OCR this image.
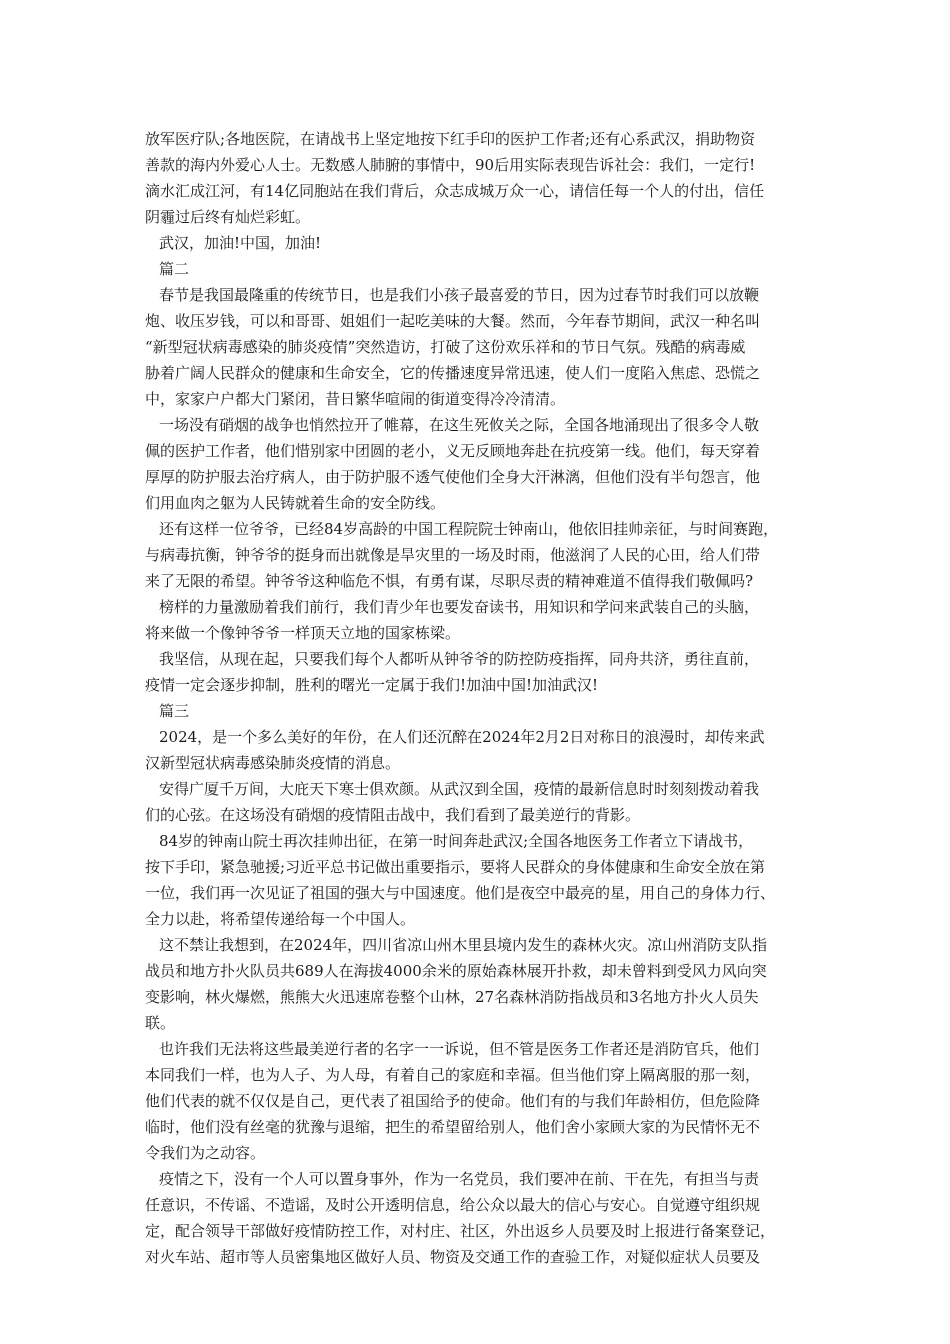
放军医疗队;各地医院，在请战书上坚定地按下红手印的医护工作者;还有心系武汉，捐助物资
善款的海内外爱心人士。无数感人肺腑的事情中，90后用实际表现告诉社会：我们，一定行!
滴水汇成江河，有14亿同胞站在我们背后，众志成城万众一心，请信任每一个人的付出，信任
阴霾过后终有灿烂彩虹。
武汉，加油!中国，加油!
篇二
春节是我国最隆重的传统节日，也是我们小孩子最喜爱的节日，因为过春节时我们可以放鞭
炮、收压岁钱，可以和哥哥、姐姐们一起吃美味的大餐。然而，今年春节期间，武汉一种名叫
“新型冠状病毒感染的肺炎疫情”突然造访，打破了这份欢乐祥和的节日气氛。残酷的病毒威
胁着广阔人民群众的健康和生命安全，它的传播速度异常迅速，使人们一度陷入焦虑、恐慌之
中，家家户户都大门紧闭，昔日繁华喧闹的街道变得冷冷清清。
一场没有硝烟的战争也悄然拉开了帷幕，在这生死攸关之际，全国各地涌现出了很多令人敬
佩的医护工作者，他们惜别家中团圆的老小，义无反顾地奔赴在抗疫第一线。他们，每天穿着
厚厚的防护服去治疗病人，由于防护服不透气使他们全身大汗淋漓，但他们没有半句怨言，他
们用血肉之躯为人民铸就着生命的安全防线。
还有这样一位爷爷，已经84岁高龄的中国工程院院士钟南山，他依旧挂帅亲征，与时间赛跑，
与病毒抗衡，钟爷爷的挺身而出就像是旱灾里的一场及时雨，他滋润了人民的心田，给人们带
来了无限的希望。钟爷爷这种临危不惧，有勇有谋，尽职尽责的精神难道不值得我们敬佩吗?
榜样的力量激励着我们前行，我们青少年也要发奋读书，用知识和学问来武装自己的头脑，
将来做一个像钟爷爷一样顶天立地的国家栋梁。
我坚信，从现在起，只要我们每个人都听从钟爷爷的防控防疫指挥，同舟共济，勇往直前，
疫情一定会逐步抑制，胜利的曙光一定属于我们!加油中国!加油武汉!
篇三
2024，是一个多么美好的年份，在人们还沉醉在2024年2月2日对称日的浪漫时，却传来武
汉新型冠状病毒感染肺炎疫情的消息。
安得广厦千万间，大庇天下寒士俱欢颜。从武汉到全国，疫情的最新信息时时刻刻拨动着我
们的心弦。在这场没有硝烟的疫情阻击战中，我们看到了最美逆行的背影。
84岁的钟南山院士再次挂帅出征，在第一时间奔赴武汉;全国各地医务工作者立下请战书，
按下手印，紧急驰援;习近平总书记做出重要指示，要将人民群众的身体健康和生命安全放在第
一位，我们再一次见证了祖国的强大与中国速度。他们是夜空中最亮的星，用自己的身体力行、
全力以赴，将希望传递给每一个中国人。
这不禁让我想到，在2024年，四川省凉山州木里县境内发生的森林火灾。凉山州消防支队指
战员和地方扑火队员共689人在海拔4000余米的原始森林展开扑救，却未曾料到受风力风向突
变影响，林火爆燃，熊熊大火迅速席卷整个山林，27名森林消防指战员和3名地方扑火人员失
联。
也许我们无法将这些最美逆行者的名字一一诉说，但不管是医务工作者还是消防官兵，他们
本同我们一样，也为人子、为人母，有着自己的家庭和幸福。但当他们穿上隔离服的那一刻，
他们代表的就不仅仅是自己，更代表了祖国给予的使命。他们有的与我们年龄相仿，但危险降
临时，他们没有丝毫的犹豫与退缩，把生的希望留给别人，他们舍小家顾大家的为民情怀无不
令我们为之动容。
疫情之下，没有一个人可以置身事外，作为一名党员，我们要冲在前、干在先，有担当与责
任意识，不传谣、不造谣，及时公开透明信息，给公众以最大的信心与安心。自觉遵守组织规
定，配合领导干部做好疫情防控工作，对村庄、社区，外出返乡人员要及时上报进行备案登记，
对火车站、超市等人员密集地区做好人员、物资及交通工作的查验工作，对疑似症状人员要及
